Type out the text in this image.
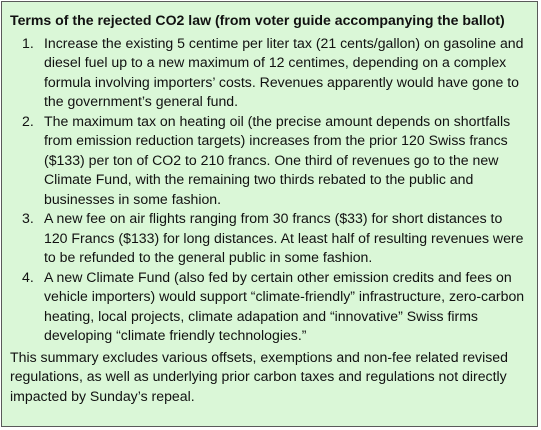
Terms of the rejected CO2 law (from voter guide accompanying the ballot)
1. Increase the existing 5 centime per liter tax (21 cents/gallon) on gasoline and diesel fuel up to a new maximum of 12 centimes, depending on a complex formula involving importers’ costs. Revenues apparently would have gone to the government’s general fund.
2. The maximum tax on heating oil (the precise amount depends on shortfalls from emission reduction targets) increases from the prior 120 Swiss francs ($133) per ton of CO2 to 210 francs. One third of revenues go to the new Climate Fund, with the remaining two thirds rebated to the public and businesses in some fashion.
3. A new fee on air flights ranging from 30 francs ($33) for short distances to 120 Francs ($133) for long distances. At least half of resulting revenues were to be refunded to the general public in some fashion.
4. A new Climate Fund (also fed by certain other emission credits and fees on vehicle importers) would support “climate-friendly” infrastructure, zero-carbon heating, local projects, climate adapation and “innovative” Swiss firms developing “climate friendly technologies.”

This summary excludes various offsets, exemptions and non-fee related revised regulations, as well as underlying prior carbon taxes and regulations not directly impacted by Sunday’s repeal.
